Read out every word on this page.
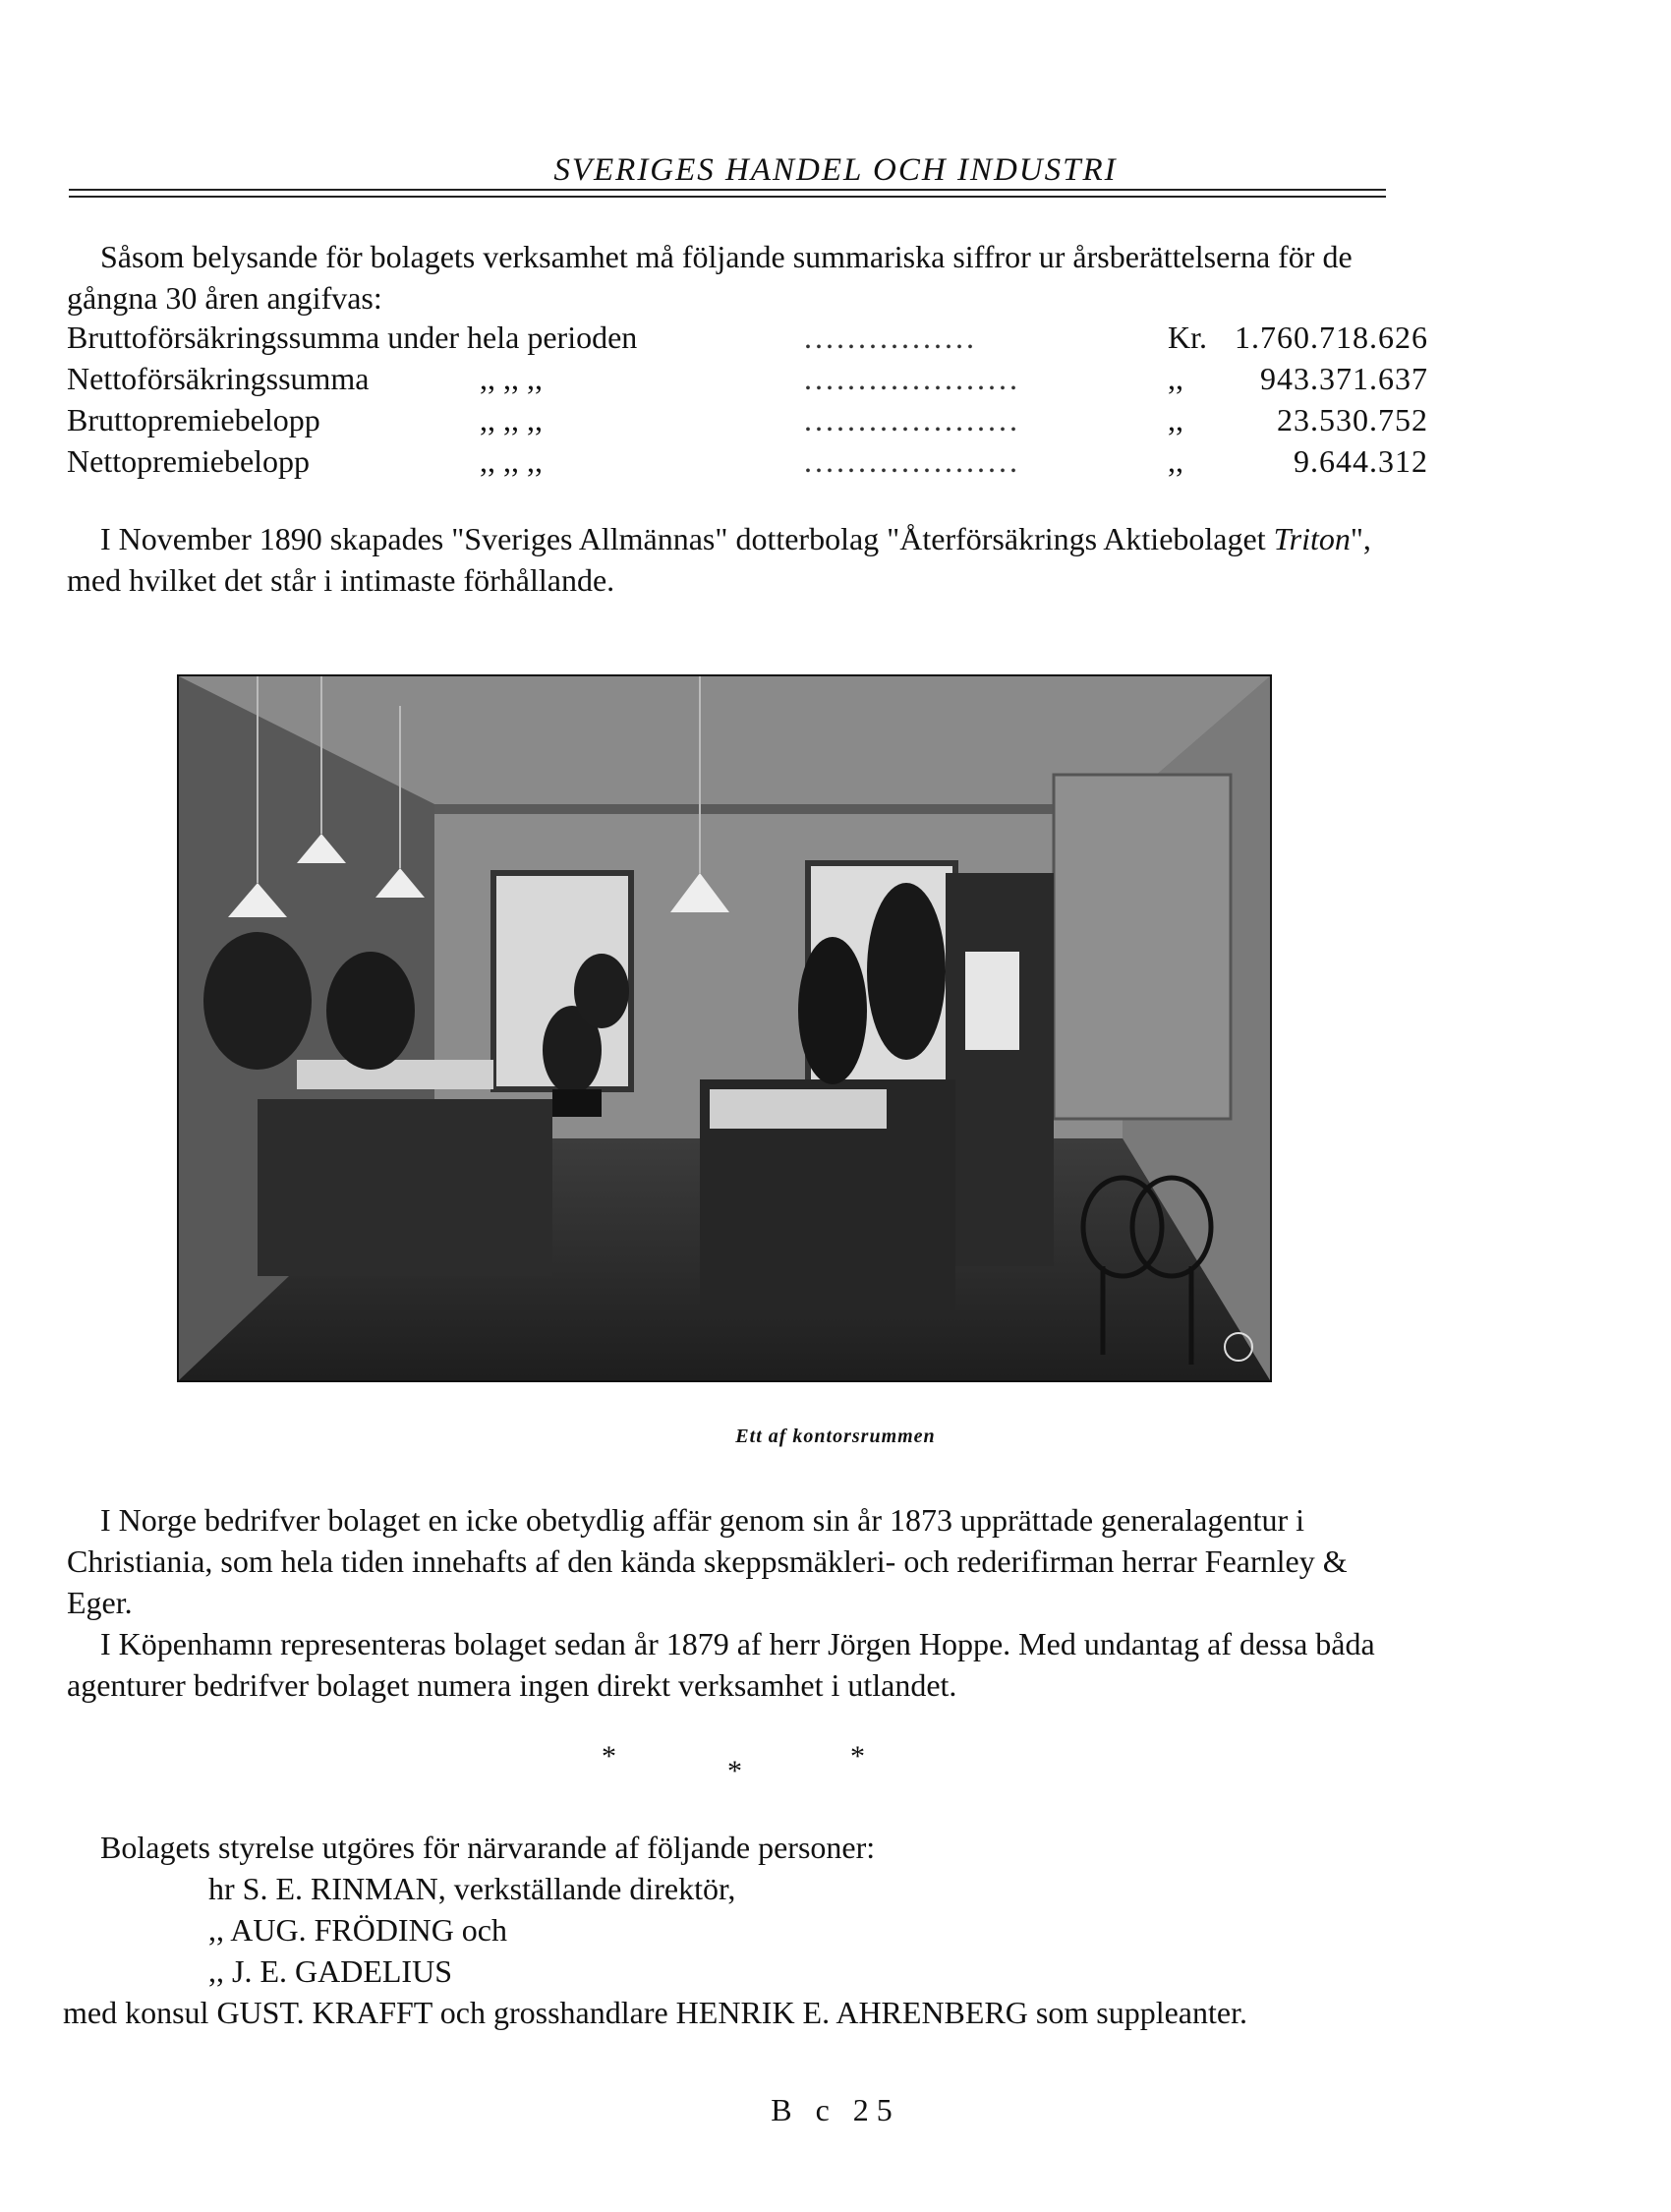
SVERIGES HANDEL OCH INDUSTRI
Såsom belysande för bolagets verksamhet må följande summariska siffror ur årsberättelserna för de gångna 30 åren angifvas:
Bruttoförsäkringssumma under hela perioden	................	Kr. 1.760.718.626
Nettoförsäkringssumma	,, ,, ,,	....................	,, 943.371.637
Bruttopremiebelopp	,, ,, ,,	....................	,,	23.530.752
Nettopremiebelopp	,, ,, ,,	....................	,,	9.644.312
I November 1890 skapades "Sveriges Allmännas" dotterbolag "Återförsäkrings Aktiebolaget Triton", med hvilket det står i intimaste förhållande.
Ett af kontorsrummen
I Norge bedrifver bolaget en icke obetydlig affär genom sin år 1873 upprättade generalagentur i Christiania, som hela tiden innehafts af den kända skeppsmäkleri- och rederifirman herrar Fearnley & Eger.
I Köpenhamn representeras bolaget sedan år 1879 af herr Jörgen Hoppe. Med undantag af dessa båda agenturer bedrifver bolaget numera ingen direkt verksamhet i utlandet.
*	*	*
Bolagets styrelse utgöres för närvarande af följande personer:
hr S. E. RINMAN, verkställande direktör,
,, AUG. FRÖDING och
,, J. E. GADELIUS
med konsul GUST. KRAFFT och grosshandlare HENRIK E. AHRENBERG som suppleanter.
B c 25
